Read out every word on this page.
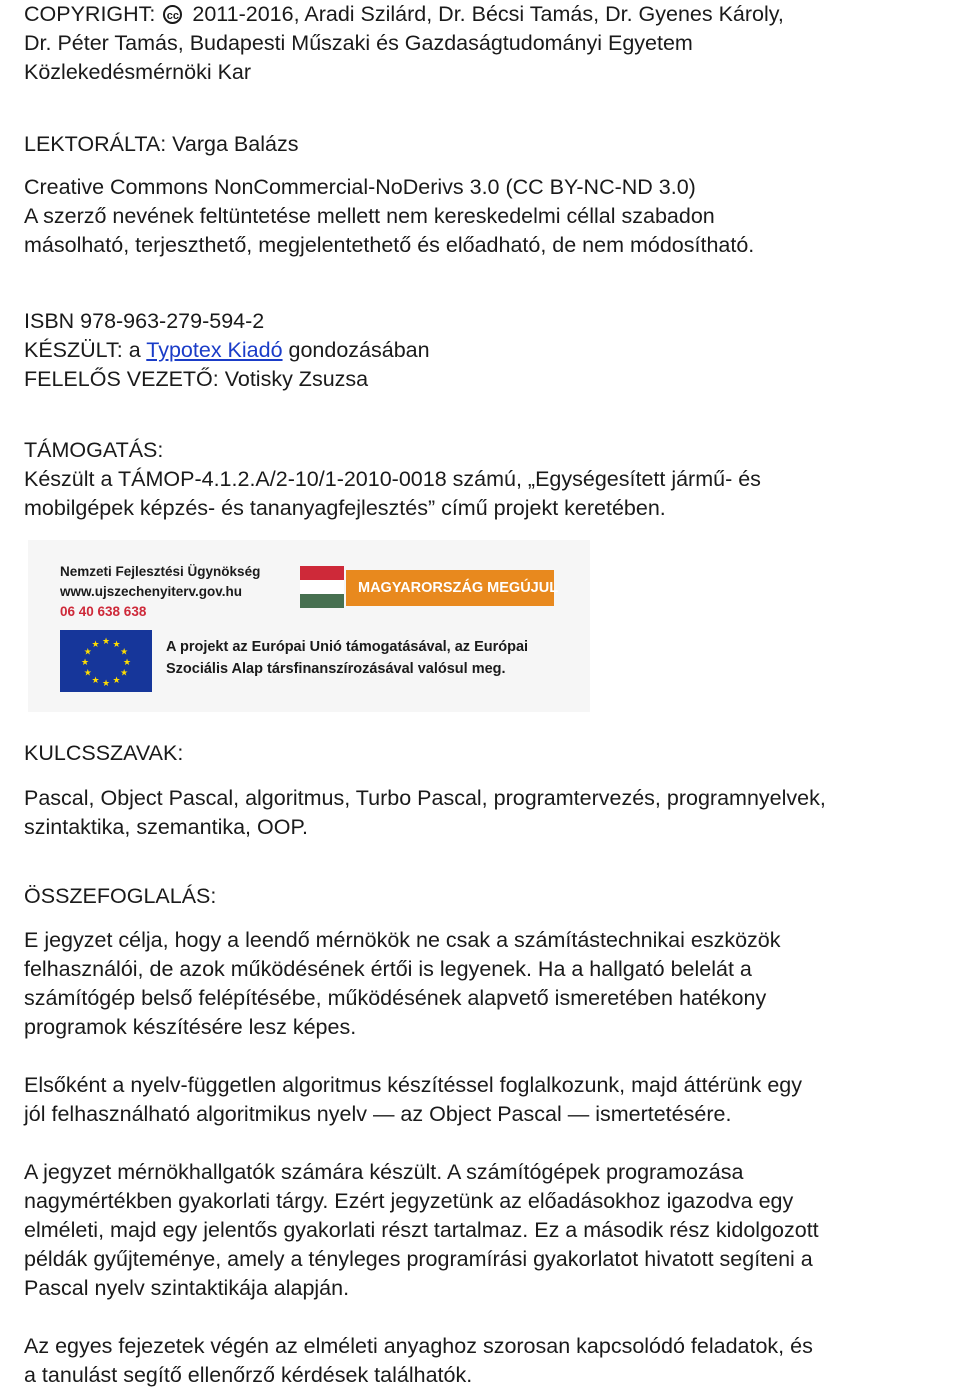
COPYRIGHT: cc 2011-2016, Aradi Szilárd, Dr. Bécsi Tamás, Dr. Gyenes Károly,
Dr. Péter Tamás, Budapesti Műszaki és Gazdaságtudományi Egyetem
Közlekedésmérnöki Kar
LEKTORÁLTA: Varga Balázs
Creative Commons NonCommercial-NoDerivs 3.0 (CC BY-NC-ND 3.0)
A szerző nevének feltüntetése mellett nem kereskedelmi céllal szabadon
másolható, terjeszthető, megjelentethető és előadható, de nem módosítható.
ISBN 978-963-279-594-2
KÉSZÜLT: a Typotex Kiadó gondozásában
FELELŐS VEZETŐ: Votisky Zsuzsa
TÁMOGATÁS:
Készült a TÁMOP-4.1.2.A/2-10/1-2010-0018 számú, „Egységesített jármű- és
mobilgépek képzés- és tananyagfejlesztés” című projekt keretében.
Nemzeti Fejlesztési Ügynökség
www.ujszechenyiterv.gov.hu
06 40 638 638
MAGYARORSZÁG MEGÚJUL
★ ★
★
★
★
★
★
★
★
★
★
★	A projekt az Európai Unió támogatásával, az Európai
Szociális Alap társfinanszírozásával valósul meg.
KULCSSZAVAK:
Pascal, Object Pascal, algoritmus, Turbo Pascal, programtervezés, programnyelvek,
szintaktika, szemantika, OOP.
ÖSSZEFOGLALÁS:
E jegyzet célja, hogy a leendő mérnökök ne csak a számítástechnikai eszközök
felhasználói, de azok működésének értői is legyenek. Ha a hallgató belelát a
számítógép belső felépítésébe, működésének alapvető ismeretében hatékony
programok készítésére lesz képes.
Elsőként a nyelv-független algoritmus készítéssel foglalkozunk, majd áttérünk egy
jól felhasználható algoritmikus nyelv — az Object Pascal — ismertetésére.
A jegyzet mérnökhallgatók számára készült. A számítógépek programozása
nagymértékben gyakorlati tárgy. Ezért jegyzetünk az előadásokhoz igazodva egy
elméleti, majd egy jelentős gyakorlati részt tartalmaz. Ez a második rész kidolgozott
példák gyűjteménye, amely a tényleges programírási gyakorlatot hivatott segíteni a
Pascal nyelv szintaktikája alapján.
Az egyes fejezetek végén az elméleti anyaghoz szorosan kapcsolódó feladatok, és
a tanulást segítő ellenőrző kérdések találhatók.
